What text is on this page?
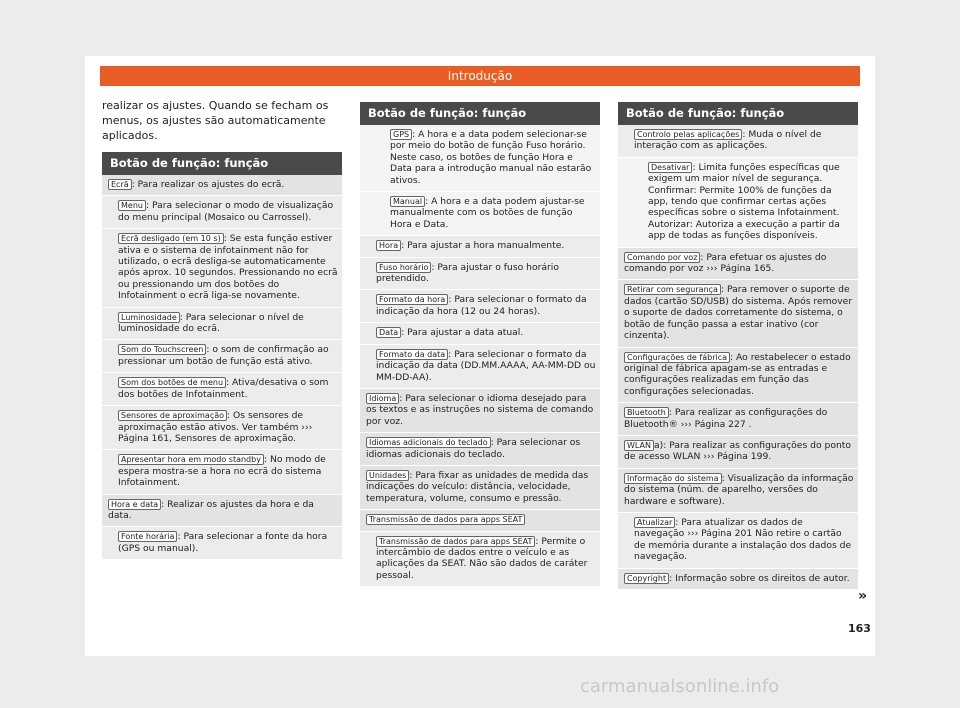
Introdução
realizar os ajustes. Quando se fecham os menus, os ajustes são automaticamente aplicados.
Botão de função: função
Ecrã : Para realizar os ajustes do ecrã.
Menu : Para selecionar o modo de visualização do menu principal (Mosaico ou Carrossel).
Ecrã desligado (em 10 s) : Se esta função estiver ativa e o sistema de infotainment não for utilizado, o ecrã desliga-se automaticamente após aprox. 10 segundos. Pressionando no ecrã ou pressionando um dos botões do Infotainment o ecrã liga-se novamente.
Luminosidade : Para selecionar o nível de luminosidade do ecrã.
Som do Touchscreen : o som de confirmação ao pressionar um botão de função está ativo.
Som dos botões de menu : Ativa/desativa o som dos botões de Infotainment.
Sensores de aproximação : Os sensores de aproximação estão ativos. Ver também ››› Página 161, Sensores de aproximação.
Apresentar hora em modo standby : No modo de espera mostra-se a hora no ecrã do sistema Infotainment.
Hora e data : Realizar os ajustes da hora e da data.
Fonte horária : Para selecionar a fonte da hora (GPS ou manual).
Botão de função: função
GPS : A hora e a data podem selecionar-se por meio do botão de função Fuso horário. Neste caso, os botões de função Hora e Data para a introdução manual não estarão ativos.
Manual : A hora e a data podem ajustar-se manualmente com os botões de função Hora e Data.
Hora : Para ajustar a hora manualmente.
Fuso horário : Para ajustar o fuso horário pretendido.
Formato da hora : Para selecionar o formato da indicação da hora (12 ou 24 horas).
Data : Para ajustar a data atual.
Formato da data : Para selecionar o formato da indicação da data (DD.MM.AAAA, AA-MM-DD ou MM-DD-AA).
Idioma : Para selecionar o idioma desejado para os textos e as instruções no sistema de comando por voz.
Idiomas adicionais do teclado : Para selecionar os idiomas adicionais do teclado.
Unidades : Para fixar as unidades de medida das indicações do veículo: distância, velocidade, temperatura, volume, consumo e pressão.
Transmissão de dados para apps SEAT
Transmissão de dados para apps SEAT : Permite o intercâmbio de dados entre o veículo e as aplicações da SEAT. Não são dados de caráter pessoal.
Botão de função: função
Controlo pelas aplicações : Muda o nível de interação com as aplicações.
Desativar : Limita funções específicas que exigem um maior nível de segurança. Confirmar: Permite 100% de funções da app, tendo que confirmar certas ações específicas sobre o sistema Infotainment. Autorizar: Autoriza a execução a partir da app de todas as funções disponíveis.
Comando por voz : Para efetuar os ajustes do comando por voz ››› Página 165.
Retirar com segurança : Para remover o suporte de dados (cartão SD/USB) do sistema. Após remover o suporte de dados corretamente do sistema, o botão de função passa a estar inativo (cor cinzenta).
Configurações de fábrica : Ao restabelecer o estado original de fábrica apagam-se as entradas e configurações realizadas em função das configurações selecionadas.
Bluetooth : Para realizar as configurações do Bluetooth® ››› Página 227 .
WLAN a): Para realizar as configurações do ponto de acesso WLAN ››› Página 199.
Informação do sistema : Visualização da informação do sistema (núm. de aparelho, versões do hardware e software).
Atualizar : Para atualizar os dados de navegação ››› Página 201 Não retire o cartão de memória durante a instalação dos dados de navegação.
Copyright : Informação sobre os direitos de autor.
»
163
carmanualsonline.info
